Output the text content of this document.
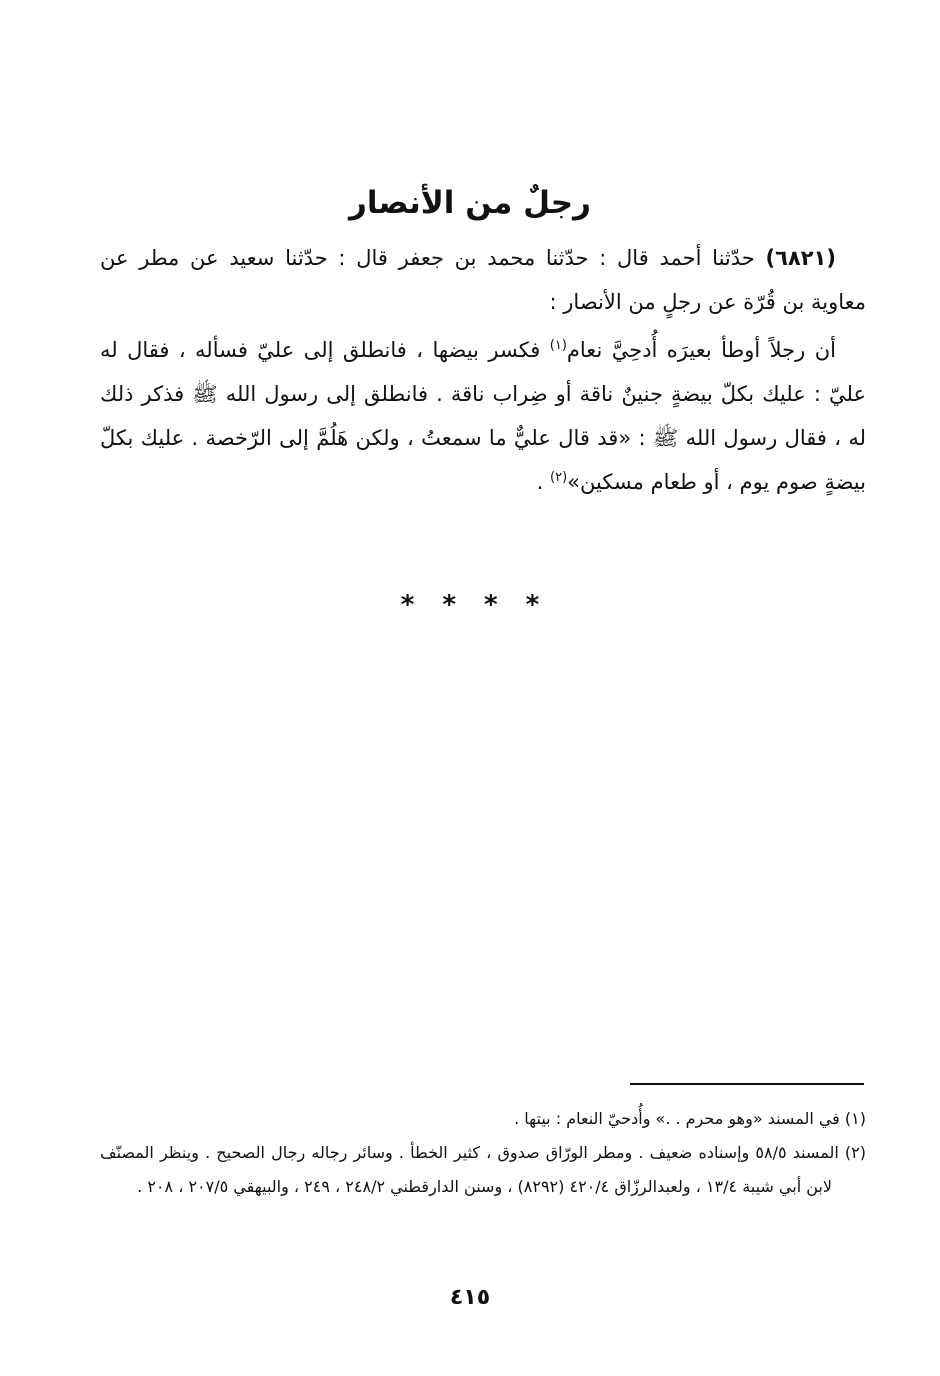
رجلٌ من الأنصار

(٦٨٢١) حدّثنا أحمد قال : حدّثنا محمد بن جعفر قال : حدّثنا سعيد عن مطر عن معاوية بن قُرّة عن رجلٍ من الأنصار :

أن رجلاً أوطأ بعيرَه أُدحِيَّ نعام$^{(١)}$ فكسر بيضها ، فانطلق إلى عليّ فسأله ، فقال له عليّ : عليك بكلّ بيضةٍ جنينٌ ناقة أو ضِراب ناقة . فانطلق إلى رسول الله ﷺ فذكر ذلك له ، فقال رسول الله ﷺ : «قد قال عليٌّ ما سمعتُ ، ولكن هَلُمَّ إلى الرّخصة . عليك بكلّ بيضةٍ صوم يوم ، أو طعام مسكين»$^{(٢)}$ .

* * * *

(١) في المسند «وهو محرم . .» وأُدحيّ النعام : بيتها .

(٢) المسند ٥٨/٥ وإسناده ضعيف . ومطر الورّاق صدوق ، كثير الخطأ . وسائر رجاله رجال الصحيح . وينظر المصنّف لابن أبي شيبة ١٣/٤ ، ولعبدالرزّاق ٤٢٠/٤ (٨٢٩٢) ، وسنن الدارقطني ٢٤٨/٢ ، ٢٤٩ ، والبيهقي ٢٠٧/٥ ، ٢٠٨ .

٤١٥
